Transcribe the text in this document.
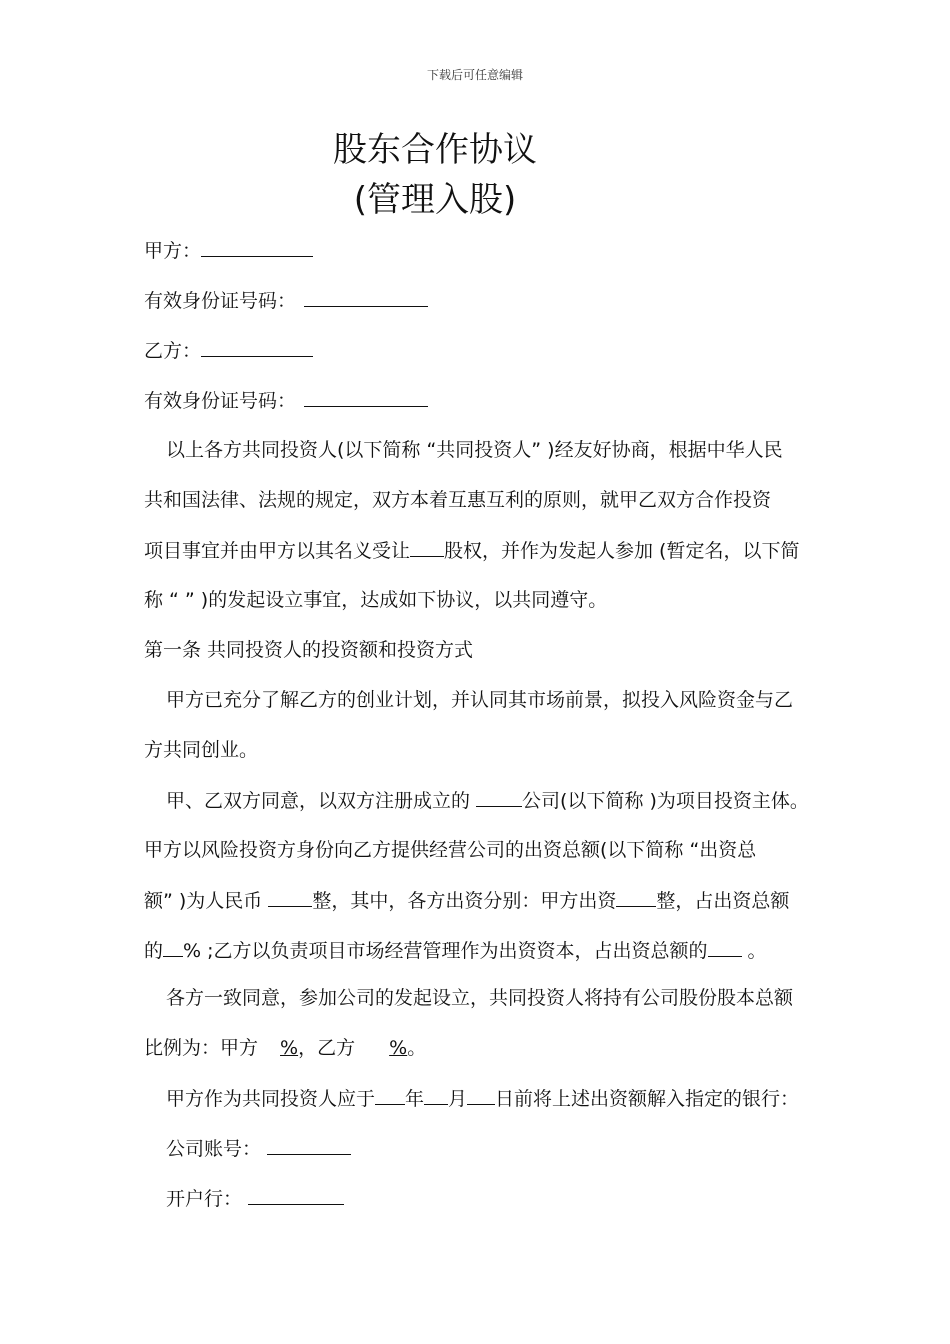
下载后可任意编辑
股东合作协议
(管理入股)
甲方：
有效身份证号码：
乙方：
有效身份证号码：
以上各方共同投资人(以下简称 “共同投资人” )经友好协商，根据中华人民
共和国法律、法规的规定，双方本着互惠互利的原则，就甲乙双方合作投资
项目事宜并由甲方以其名义受让 股权，并作为发起人参加 (暂定名，以下简
称 “ ” )的发起设立事宜，达成如下协议，以共同遵守。
第一条 共同投资人的投资额和投资方式
甲方已充分了解乙方的创业计划，并认同其市场前景，拟投入风险资金与乙
方共同创业。
甲、乙双方同意，以双方注册成立的 公司(以下简称 )为项目投资主体。
甲方以风险投资方身份向乙方提供经营公司的出资总额(以下简称 “出资总
额” )为人民币 整，其中，各方出资分别：甲方出资 整，占出资总额
的 % ;乙方以负责项目市场经营管理作为出资资本，占出资总额的 。
各方一致同意，参加公司的发起设立，共同投资人将持有公司股份股本总额
比例为：甲方 %，乙方 %。
甲方作为共同投资人应于 年 月 日前将上述出资额解入指定的银行：
公司账号：
开户行：
